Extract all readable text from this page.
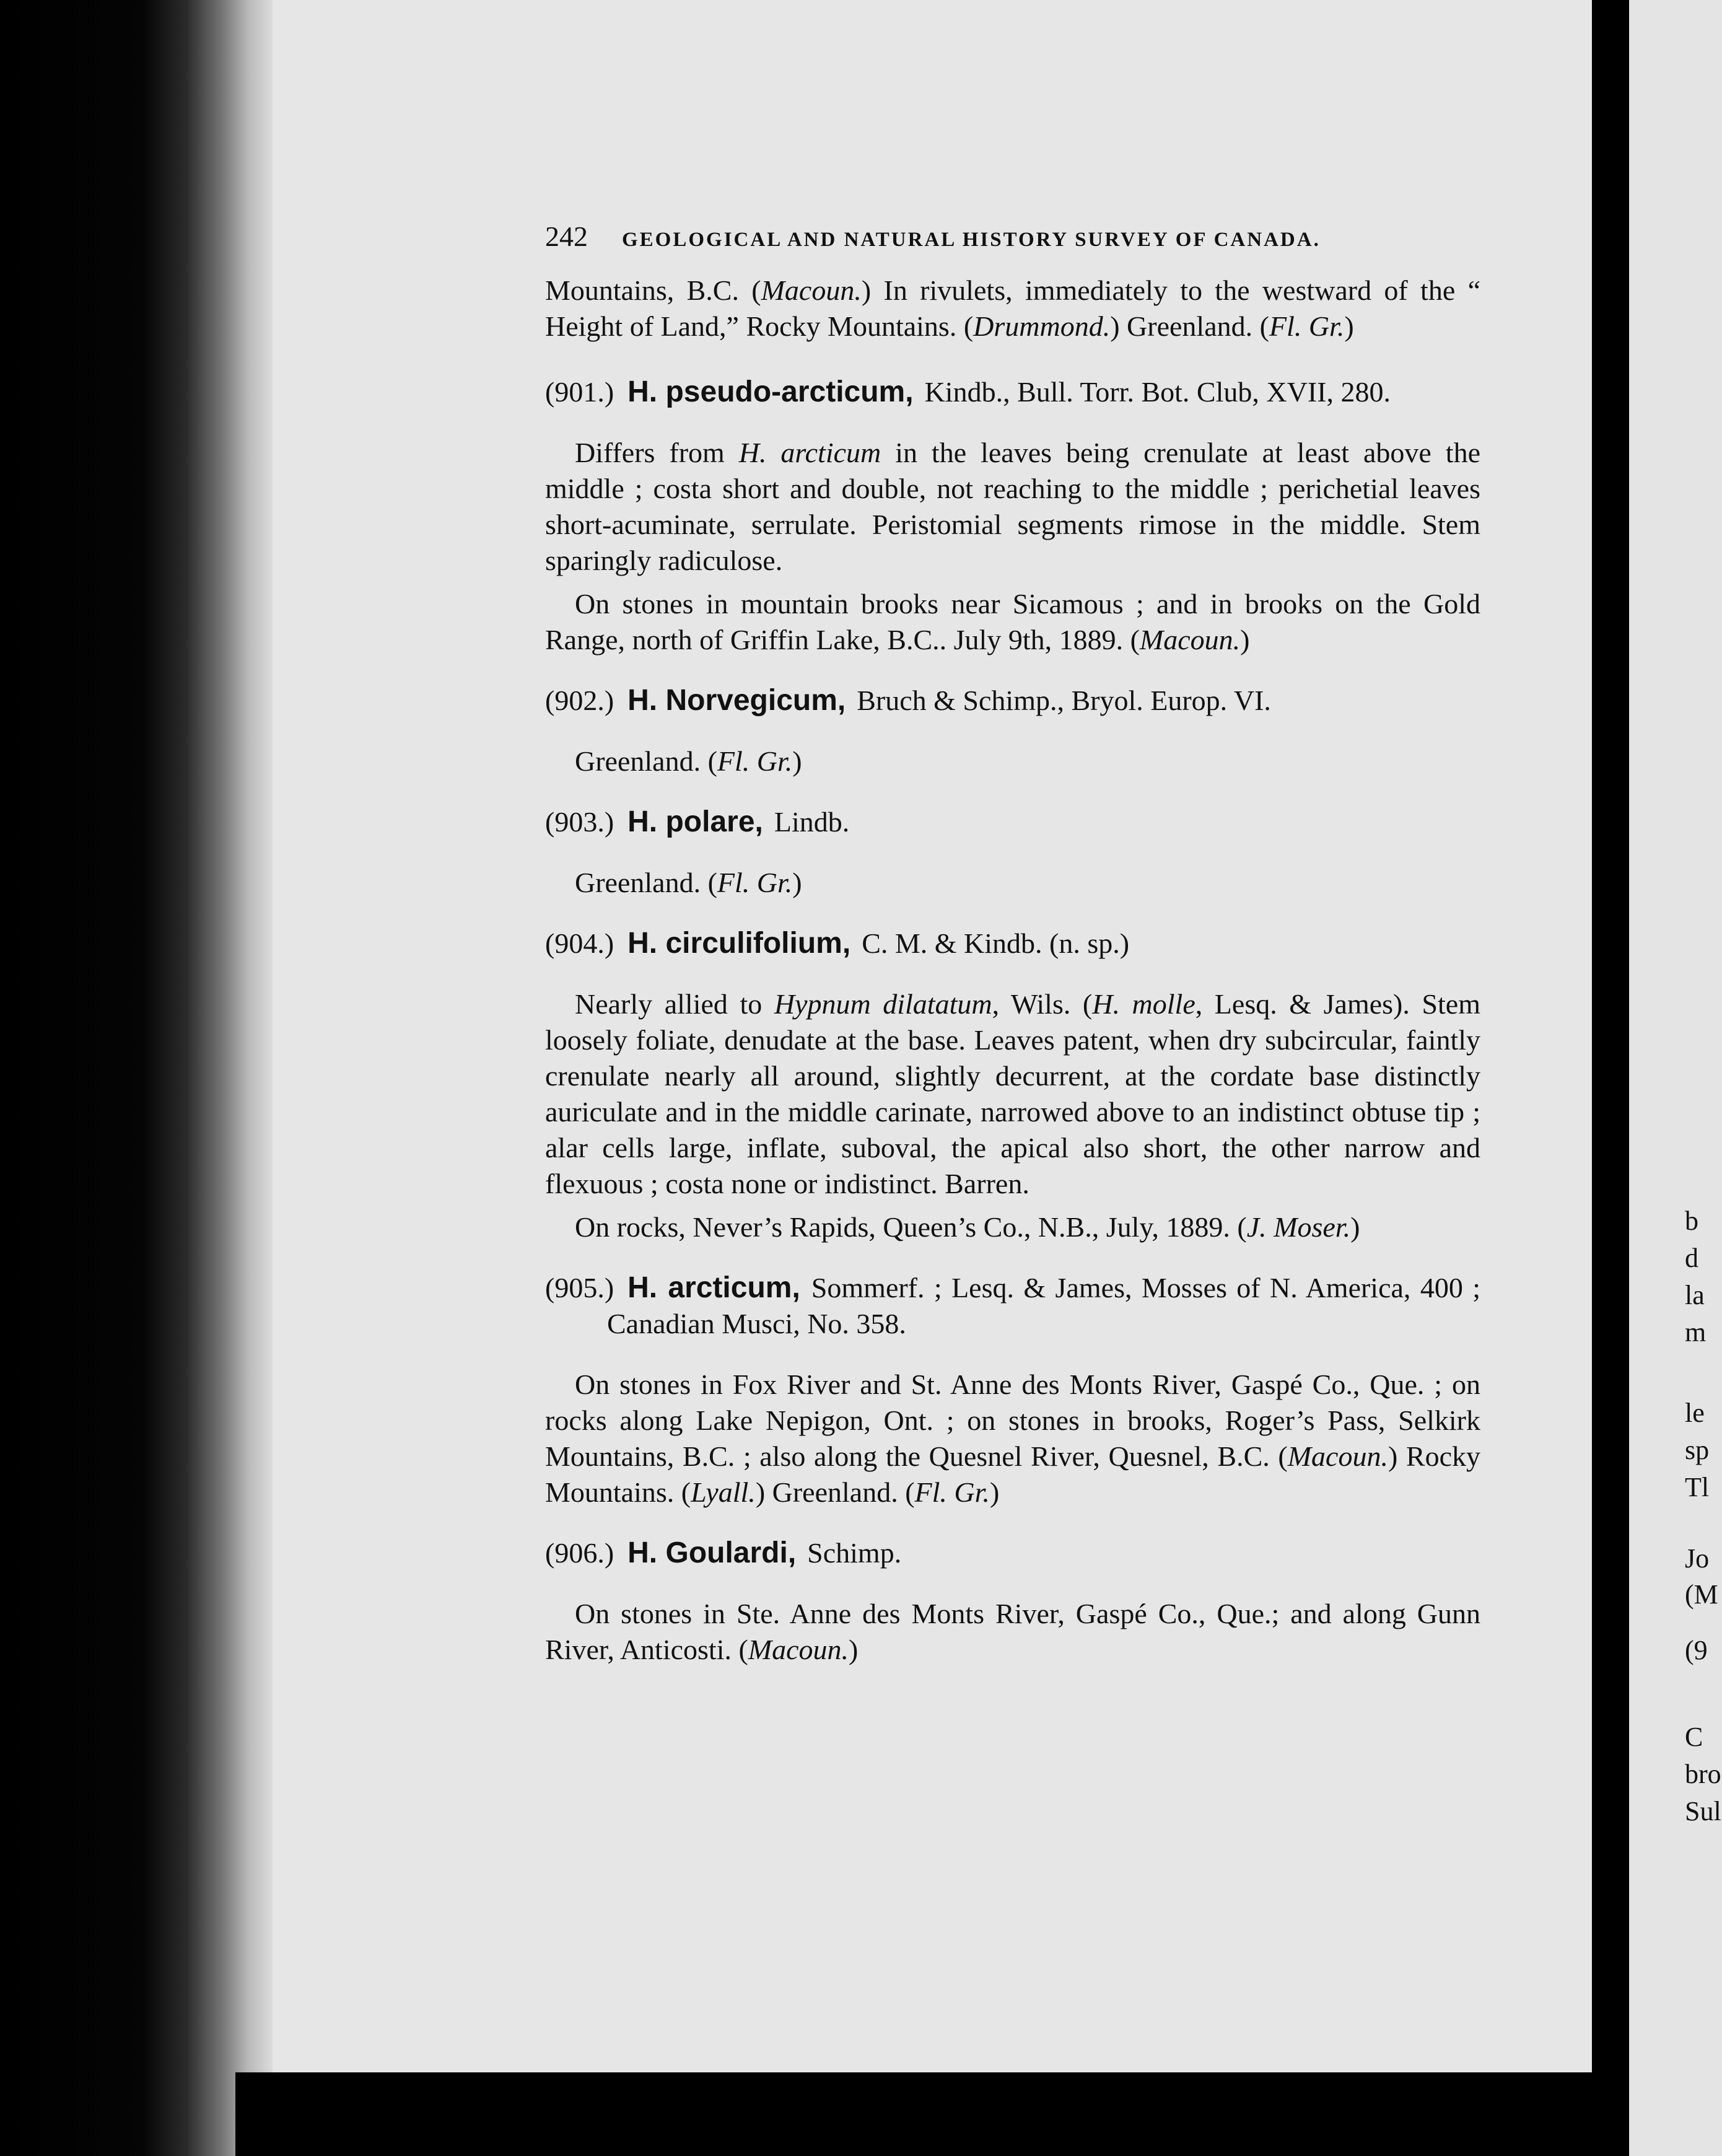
242 GEOLOGICAL AND NATURAL HISTORY SURVEY OF CANADA.

Mountains, B.C. (Macoun.) In rivulets, immediately to the westward of the “ Height of Land,” Rocky Mountains. (Drummond.) Greenland. (Fl. Gr.)

(901.) H. pseudo-arcticum, Kindb., Bull. Torr. Bot. Club, XVII, 280.

Differs from H. arcticum in the leaves being crenulate at least above the middle ; costa short and double, not reaching to the middle ; perichetial leaves short-acuminate, serrulate. Peristomial segments rimose in the middle. Stem sparingly radiculose.

On stones in mountain brooks near Sicamous ; and in brooks on the Gold Range, north of Griffin Lake, B.C.. July 9th, 1889. (Macoun.)

(902.) H. Norvegicum, Bruch & Schimp., Bryol. Europ. VI.

Greenland. (Fl. Gr.)

(903.) H. polare, Lindb.

Greenland. (Fl. Gr.)

(904.) H. circulifolium, C. M. & Kindb. (n. sp.)

Nearly allied to Hypnum dilatatum, Wils. (H. molle, Lesq. & James). Stem loosely foliate, denudate at the base. Leaves patent, when dry subcircular, faintly crenulate nearly all around, slightly decurrent, at the cordate base distinctly auriculate and in the middle carinate, narrowed above to an indistinct obtuse tip ; alar cells large, inflate, suboval, the apical also short, the other narrow and flexuous ; costa none or indistinct. Barren.

On rocks, Never’s Rapids, Queen’s Co., N.B., July, 1889. (J. Moser.)

(905.) H. arcticum, Sommerf. ; Lesq. & James, Mosses of N. America, 400 ; Canadian Musci, No. 358.

On stones in Fox River and St. Anne des Monts River, Gaspé Co., Que. ; on rocks along Lake Nepigon, Ont. ; on stones in brooks, Roger’s Pass, Selkirk Mountains, B.C. ; also along the Quesnel River, Quesnel, B.C. (Macoun.) Rocky Mountains. (Lyall.) Greenland. (Fl. Gr.)

(906.) H. Goulardi, Schimp.

On stones in Ste. Anne des Monts River, Gaspé Co., Que.; and along Gunn River, Anticosti. (Macoun.)

b
d
la
m
le
sp
Tl
Jo
(M
(9
C
bro
Sul
